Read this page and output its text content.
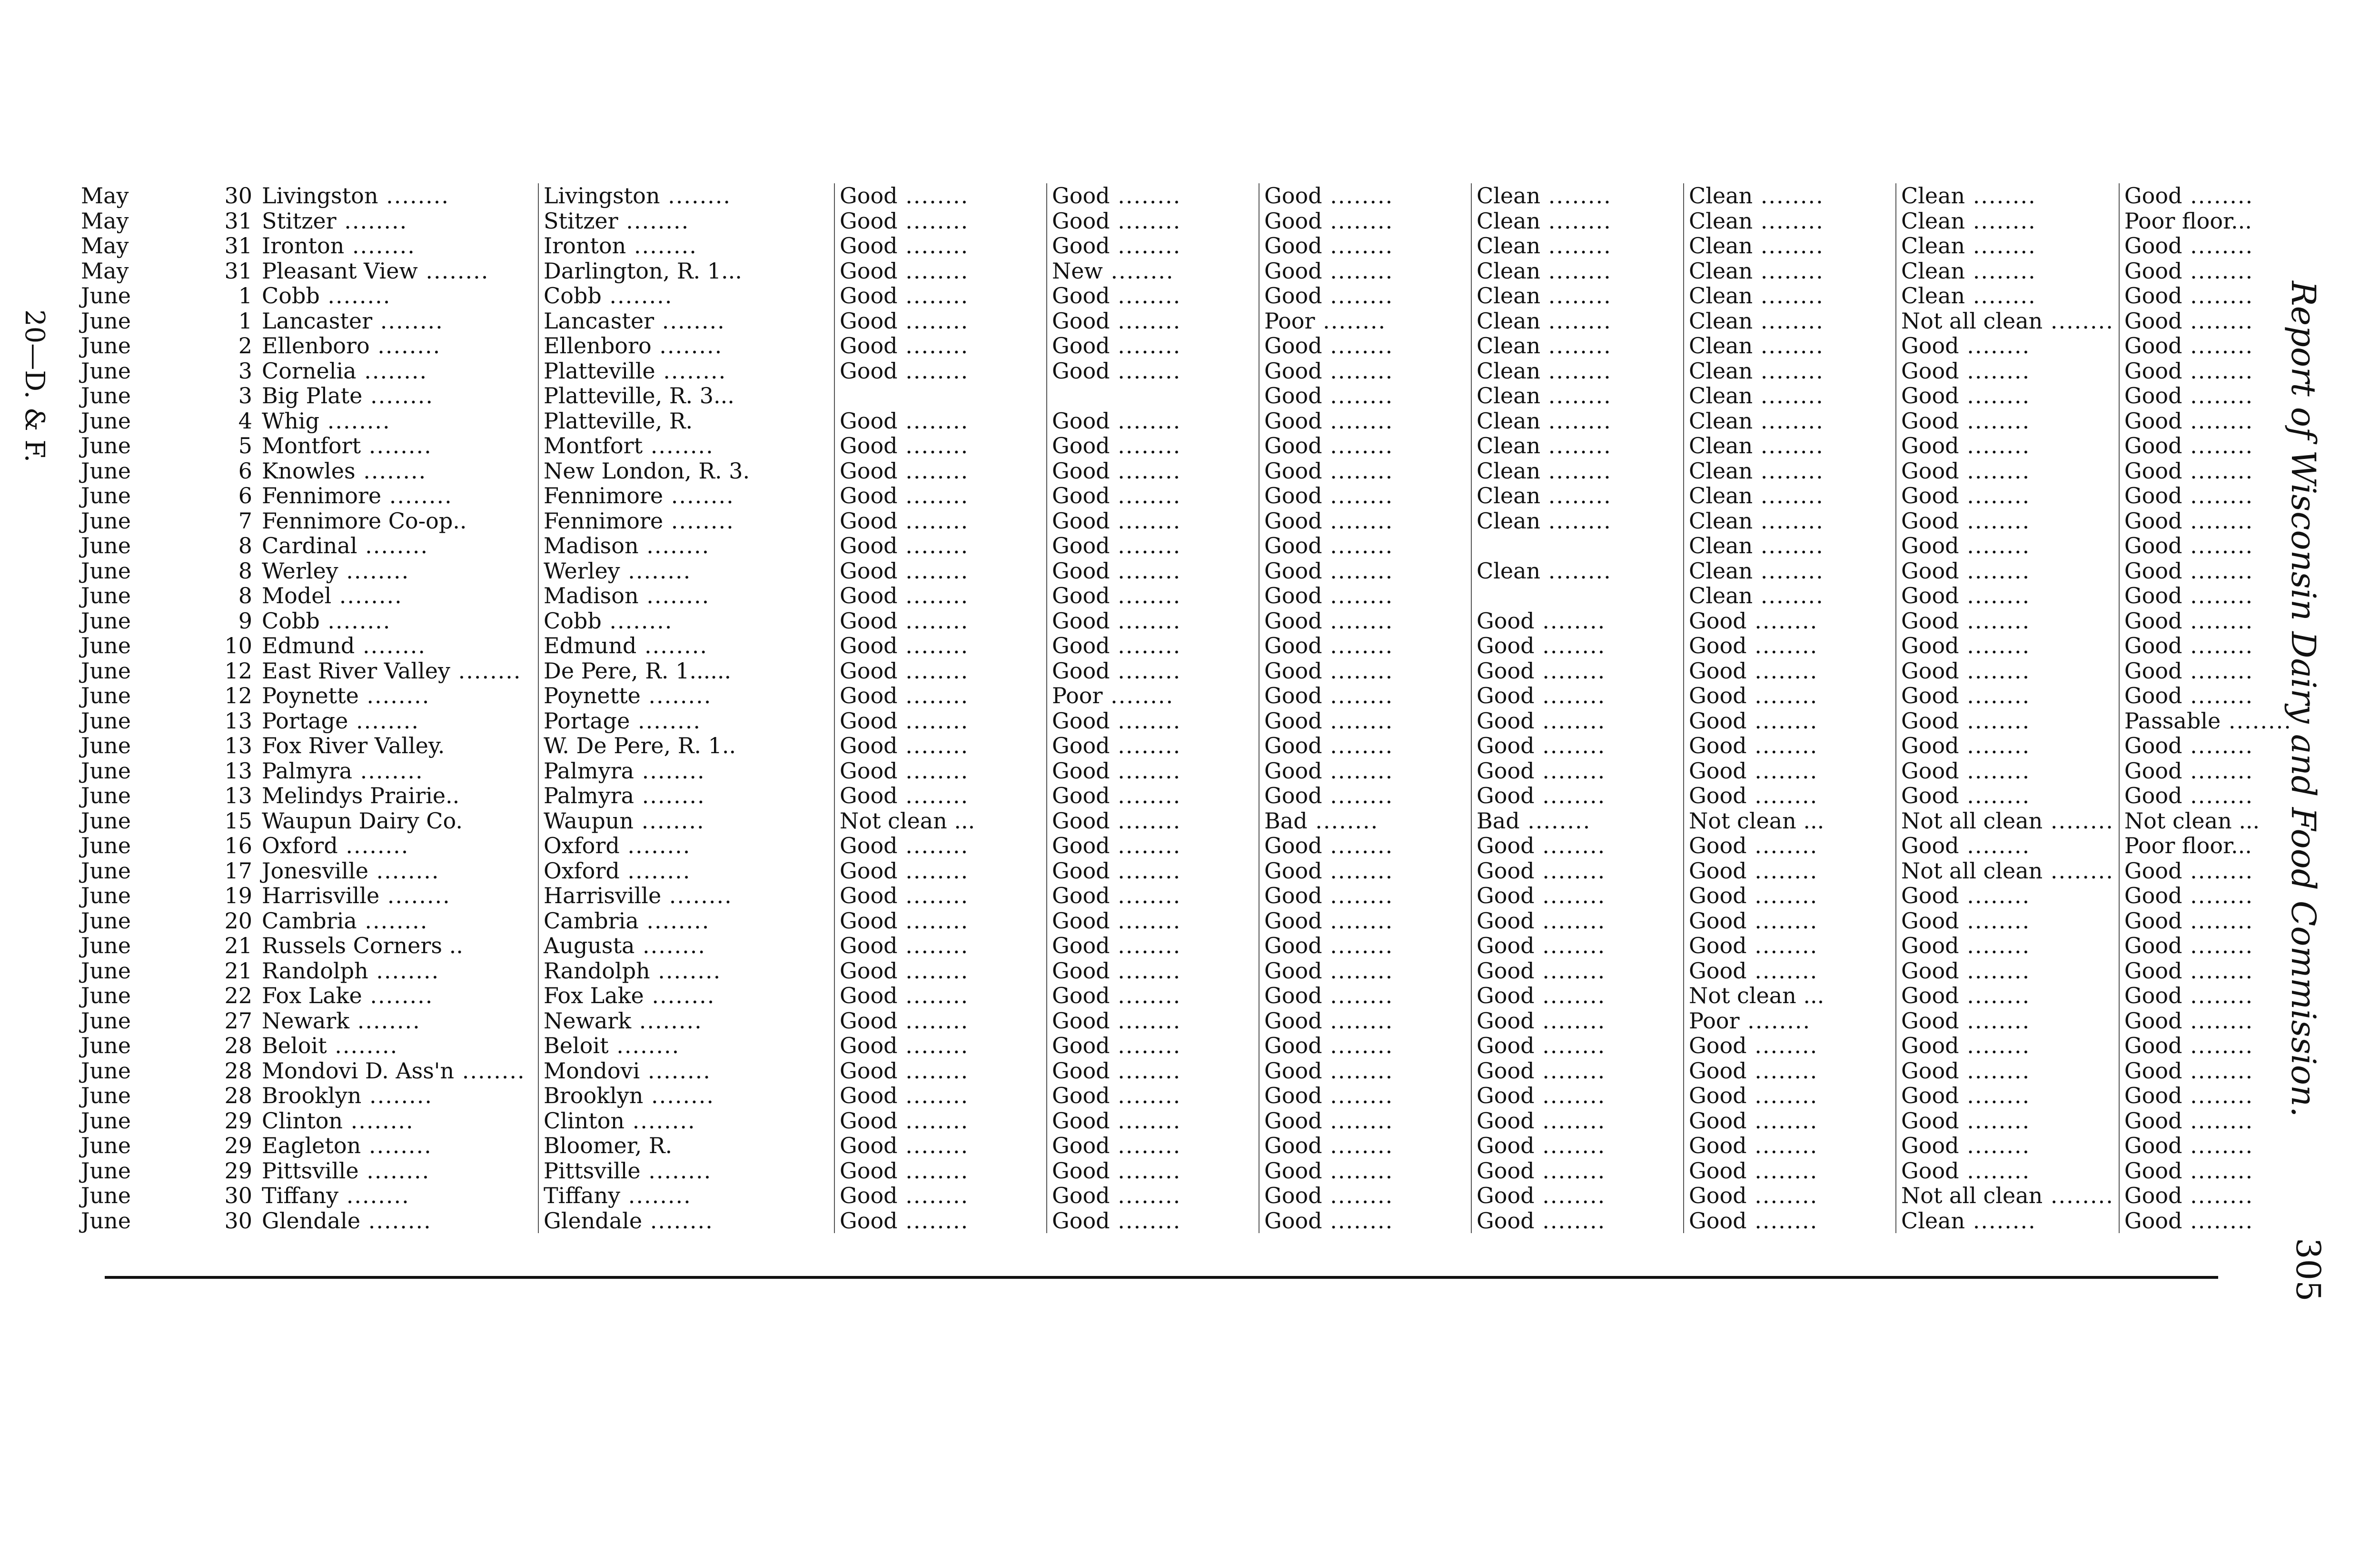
20—D. & F.
May	30	Livingston .....	Livingston .....	Good .....	Good .....	Good .....	Clean .....	Clean .....	Clean .....	Good .....
May	31	Stitzer .....	Stitzer .....	Good .....	Good .....	Good .....	Clean .....	Clean .....	Clean .....	Poor floor...
May	31	Ironton .....	Ironton .....	Good .....	Good .....	Good .....	Clean .....	Clean .....	Clean .....	Good .....
May	31	Pleasant View .....	Darlington, R. 1...	Good .....	New .....	Good .....	Clean .....	Clean .....	Clean .....	Good .....
June	1	Cobb .....	Cobb .....	Good .....	Good .....	Good .....	Clean .....	Clean .....	Clean .....	Good .....
June	1	Lancaster .....	Lancaster .....	Good .....	Good .....	Poor .....	Clean .....	Clean .....	Not all clean .....	Good .....
June	2	Ellenboro .....	Ellenboro .....	Good .....	Good .....	Good .....	Clean .....	Clean .....	Good .....	Good .....
June	3	Cornelia .....	Platteville .....	Good .....	Good .....	Good .....	Clean .....	Clean .....	Good .....	Good .....
June	3	Big Plate .....	Platteville, R. 3...			Good .....	Clean .....	Clean .....	Good .....	Good .....
June	4	Whig .....	Platteville, R.	Good .....	Good .....	Good .....	Clean .....	Clean .....	Good .....	Good .....
June	5	Montfort .....	Montfort .....	Good .....	Good .....	Good .....	Clean .....	Clean .....	Good .....	Good .....
June	6	Knowles .....	New London, R. 3.	Good .....	Good .....	Good .....	Clean .....	Clean .....	Good .....	Good .....
June	6	Fennimore .....	Fennimore .....	Good .....	Good .....	Good .....	Clean .....	Clean .....	Good .....	Good .....
June	7	Fennimore Co-op..	Fennimore .....	Good .....	Good .....	Good .....	Clean .....	Clean .....	Good .....	Good .....
June	8	Cardinal .....	Madison .....	Good .....	Good .....	Good .....		Clean .....	Good .....	Good .....
June	8	Werley .....	Werley .....	Good .....	Good .....	Good .....	Clean .....	Clean .....	Good .....	Good .....
June	8	Model .....	Madison .....	Good .....	Good .....	Good .....		Clean .....	Good .....	Good .....
June	9	Cobb .....	Cobb .....	Good .....	Good .....	Good .....	Good .....	Good .....	Good .....	Good .....
June	10	Edmund .....	Edmund .....	Good .....	Good .....	Good .....	Good .....	Good .....	Good .....	Good .....
June	12	East River Valley .....	De Pere, R. 1......	Good .....	Good .....	Good .....	Good .....	Good .....	Good .....	Good .....
June	12	Poynette .....	Poynette .....	Good .....	Poor .....	Good .....	Good .....	Good .....	Good .....	Good .....
June	13	Portage .....	Portage .....	Good .....	Good .....	Good .....	Good .....	Good .....	Good .....	Passable .....
June	13	Fox River Valley.	W. De Pere, R. 1..	Good .....	Good .....	Good .....	Good .....	Good .....	Good .....	Good .....
June	13	Palmyra .....	Palmyra .....	Good .....	Good .....	Good .....	Good .....	Good .....	Good .....	Good .....
June	13	Melindys Prairie..	Palmyra .....	Good .....	Good .....	Good .....	Good .....	Good .....	Good .....	Good .....
June	15	Waupun Dairy Co.	Waupun .....	Not clean ...	Good .....	Bad .....	Bad .....	Not clean ...	Not all clean .....	Not clean ...
June	16	Oxford .....	Oxford .....	Good .....	Good .....	Good .....	Good .....	Good .....	Good .....	Poor floor...
June	17	Jonesville .....	Oxford .....	Good .....	Good .....	Good .....	Good .....	Good .....	Not all clean .....	Good .....
June	19	Harrisville .....	Harrisville .....	Good .....	Good .....	Good .....	Good .....	Good .....	Good .....	Good .....
June	20	Cambria .....	Cambria .....	Good .....	Good .....	Good .....	Good .....	Good .....	Good .....	Good .....
June	21	Russels Corners ..	Augusta .....	Good .....	Good .....	Good .....	Good .....	Good .....	Good .....	Good .....
June	21	Randolph .....	Randolph .....	Good .....	Good .....	Good .....	Good .....	Good .....	Good .....	Good .....
June	22	Fox Lake .....	Fox Lake .....	Good .....	Good .....	Good .....	Good .....	Not clean ...	Good .....	Good .....
June	27	Newark .....	Newark .....	Good .....	Good .....	Good .....	Good .....	Poor .....	Good .....	Good .....
June	28	Beloit .....	Beloit .....	Good .....	Good .....	Good .....	Good .....	Good .....	Good .....	Good .....
June	28	Mondovi D. Ass'n .....	Mondovi .....	Good .....	Good .....	Good .....	Good .....	Good .....	Good .....	Good .....
June	28	Brooklyn .....	Brooklyn .....	Good .....	Good .....	Good .....	Good .....	Good .....	Good .....	Good .....
June	29	Clinton .....	Clinton .....	Good .....	Good .....	Good .....	Good .....	Good .....	Good .....	Good .....
June	29	Eagleton .....	Bloomer, R.	Good .....	Good .....	Good .....	Good .....	Good .....	Good .....	Good .....
June	29	Pittsville .....	Pittsville .....	Good .....	Good .....	Good .....	Good .....	Good .....	Good .....	Good .....
June	30	Tiffany .....	Tiffany .....	Good .....	Good .....	Good .....	Good .....	Good .....	Not all clean .....	Good .....
June	30	Glendale .....	Glendale .....	Good .....	Good .....	Good .....	Good .....	Good .....	Clean .....	Good .....
Report of Wisconsin Dairy and Food Commission.
305
